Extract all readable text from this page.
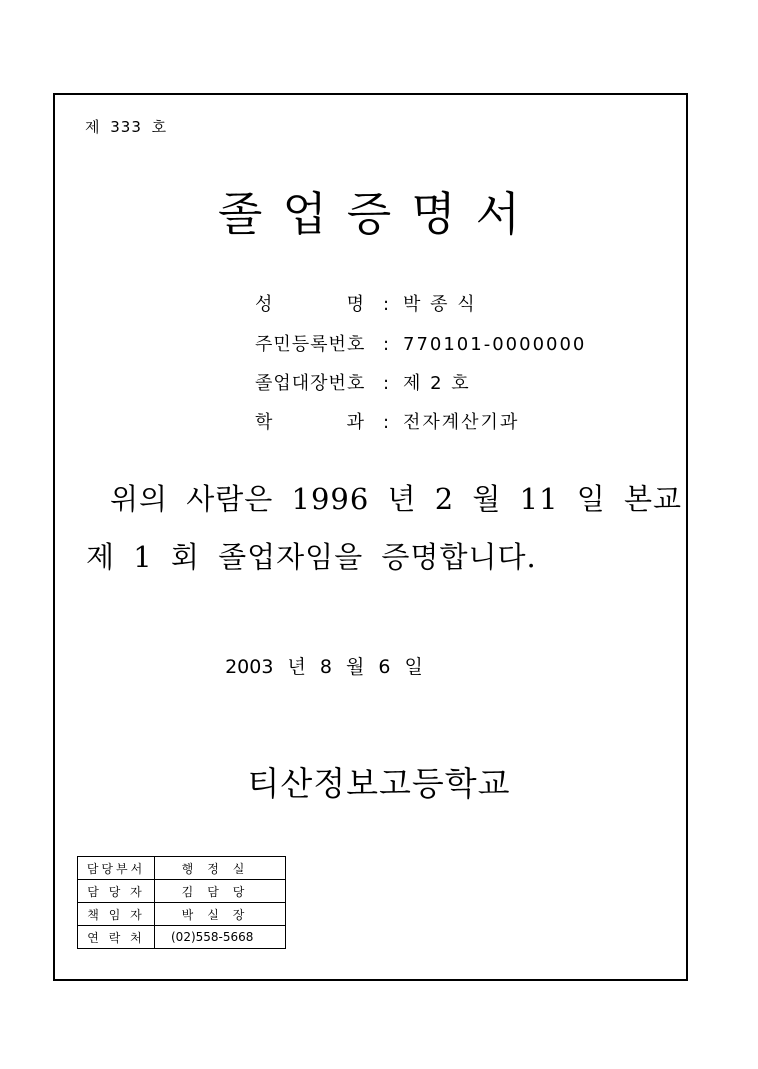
제 333 호
졸업증명서
성	명 : 박 종 식
주민등록번호 : 770101-0000000
졸업대장번호 : 제 2 호
학	과 : 전자계산기과
위의 사람은 1996 년 2 월 11 일 본교
제 1 회 졸업자임을 증명합니다.
2003 년 8 월 6 일
티산정보고등학교
담당부서	행정실
담 당 자	김담당
책 임 자	박실장
연 락 처	(02)558-5668
